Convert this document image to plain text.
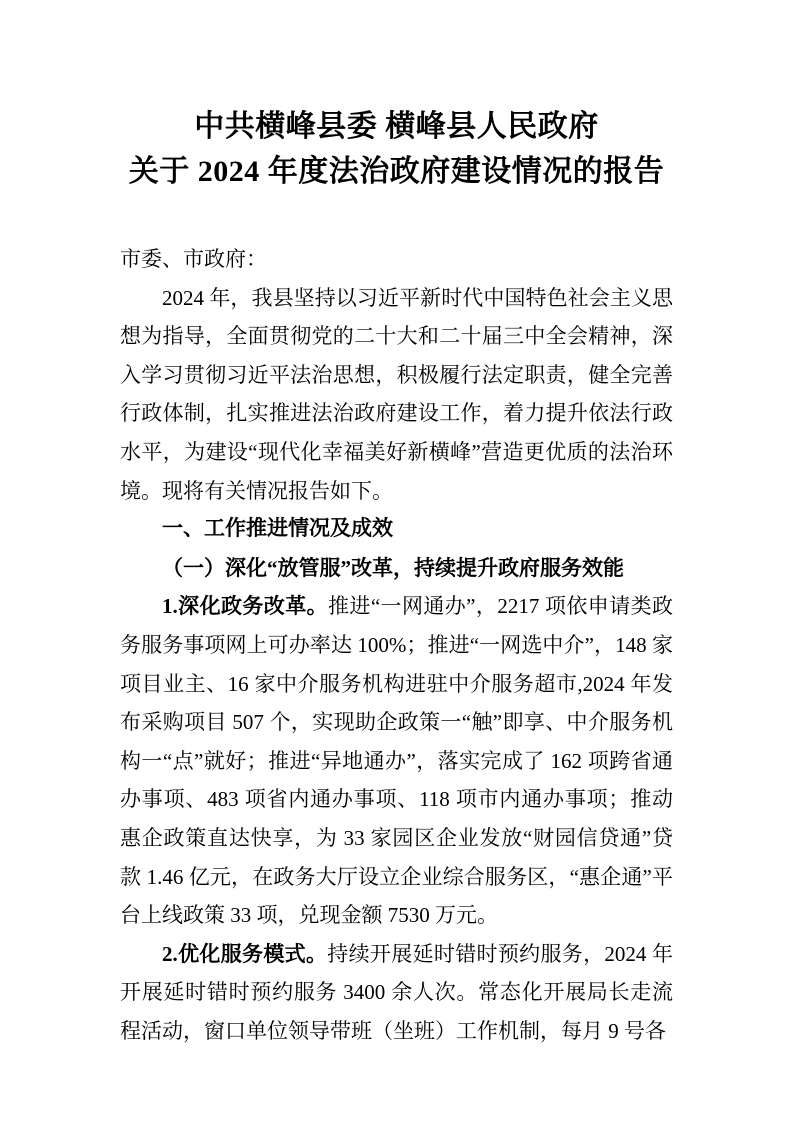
中共横峰县委 横峰县人民政府
关于 2024 年度法治政府建设情况的报告

市委、市政府：

2024 年，我县坚持以习近平新时代中国特色社会主义思想为指导，全面贯彻党的二十大和二十届三中全会精神，深入学习贯彻习近平法治思想，积极履行法定职责，健全完善行政体制，扎实推进法治政府建设工作，着力提升依法行政水平，为建设“现代化幸福美好新横峰”营造更优质的法治环境。现将有关情况报告如下。

一、工作推进情况及成效

（一）深化“放管服”改革，持续提升政府服务效能

1.深化政务改革。推进“一网通办”，2217 项依申请类政务服务事项网上可办率达 100%；推进“一网选中介”，148 家项目业主、16 家中介服务机构进驻中介服务超市,2024 年发布采购项目 507 个，实现助企政策一“触”即享、中介服务机构一“点”就好；推进“异地通办”，落实完成了 162 项跨省通办事项、483 项省内通办事项、118 项市内通办事项；推动惠企政策直达快享，为 33 家园区企业发放“财园信贷通”贷款 1.46 亿元，在政务大厅设立企业综合服务区，“惠企通”平台上线政策 33 项，兑现金额 7530 万元。

2.优化服务模式。持续开展延时错时预约服务，2024 年开展延时错时预约服务 3400 余人次。常态化开展局长走流程活动，窗口单位领导带班（坐班）工作机制，每月 9 号各
